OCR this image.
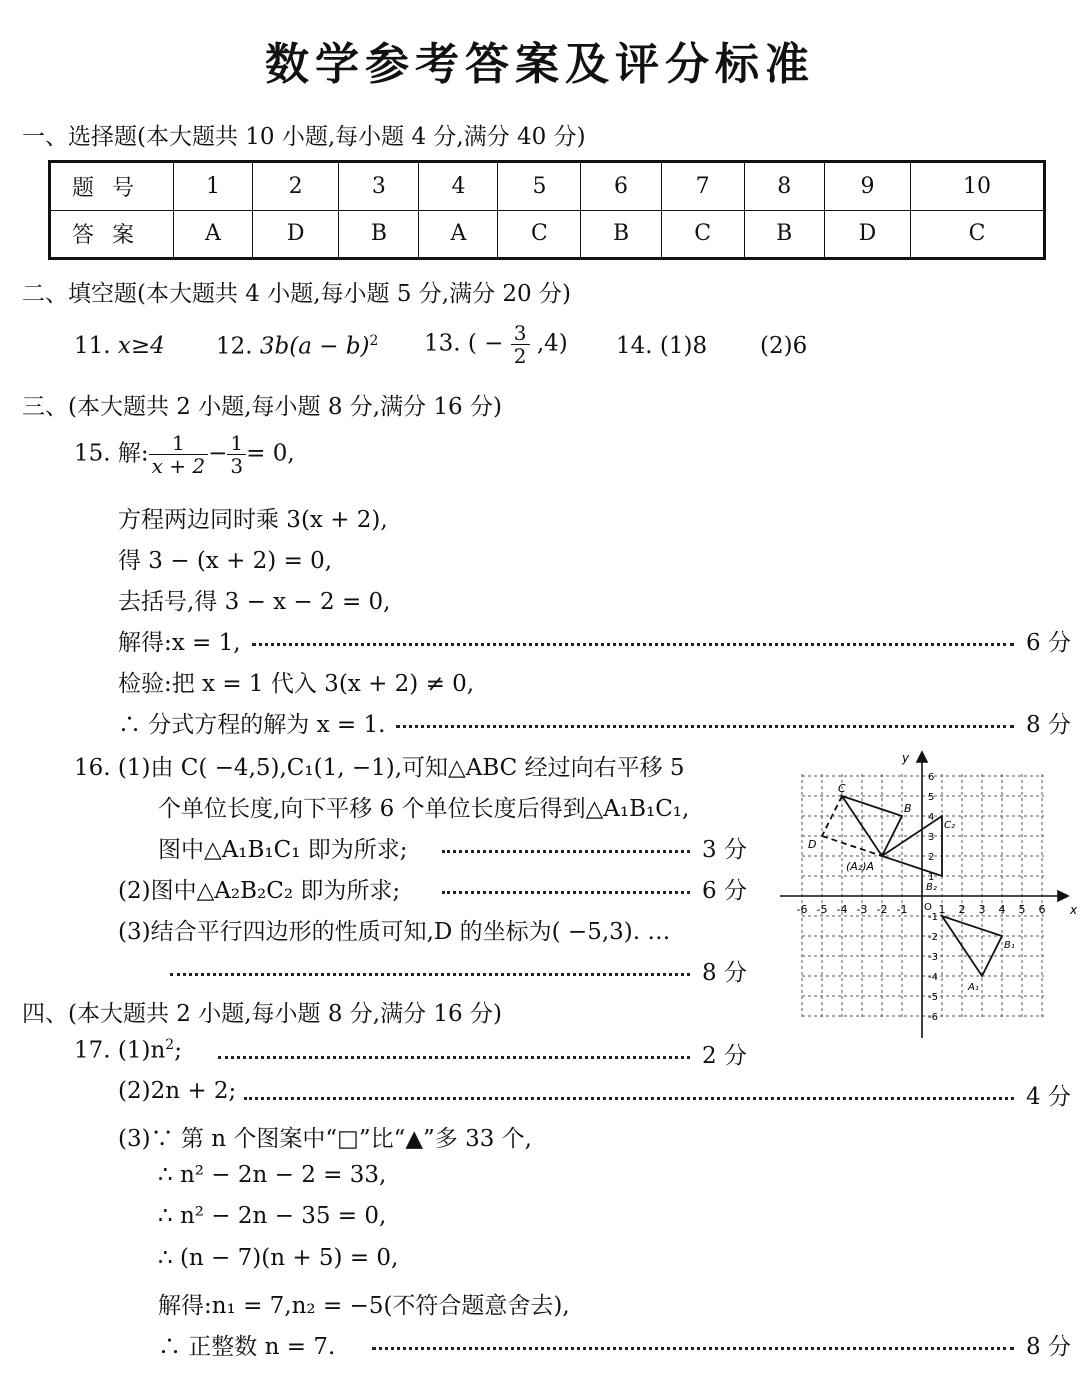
数学参考答案及评分标准
一、选择题(本大题共 10 小题,每小题 4 分,满分 40 分)
题号	1	2	3	4	5	6	7	8	9	10
答案	A	D	B	A	C	B	C	B	D	C
二、填空题(本大题共 4 小题,每小题 5 分,满分 20 分)
11. x≥4 12. $3b(a - b)^2$ 13. ( − $\frac{3}{2} ,4$) 14. (1)8 (2)6
三、(本大题共 2 小题,每小题 8 分,满分 16 分)
15. 解: $\frac{1}{x + 2} - \frac{1}{3} = 0$,
方程两边同时乘 3(x + 2),
得 3 − (x + 2) = 0,
去括号,得 3 − x − 2 = 0,
解得:x = 1,	6 分
检验:把 x = 1 代入 3(x + 2) ≠ 0,
∴ 分式方程的解为 x = 1.	8 分
16. (1)由 C( −4,5),C₁(1, −1),可知△ABC 经过向右平移 5
个单位长度,向下平移 6 个单位长度后得到△A₁B₁C₁,
图中△A₁B₁C₁ 即为所求;	3 分
(2)图中△A₂B₂C₂ 即为所求;	6 分
(3)结合平行四边形的性质可知,D 的坐标为( −5,3). …
8 分
x
y
O
-6 -5 -4 -3 -2 -1	1 2 3 4 5 6
6
5
4
3
2
1
-1
-2
-3
-4
-5
-6
C
B
D
(A₂)A
C₂
B₂
B₁
A₁
四、(本大题共 2 小题,每小题 8 分,满分 16 分)
17. $(1)n^2$;	2 分
(2)2n + 2;	4 分
(3)∵ 第 n 个图案中“□”比“▲”多 33 个,
∴ n² − 2n − 2 = 33,
∴ n² − 2n − 35 = 0,
∴ (n − 7)(n + 5) = 0,
解得:n₁ = 7,n₂ = −5(不符合题意舍去),
∴ 正整数 n = 7.	8 分
